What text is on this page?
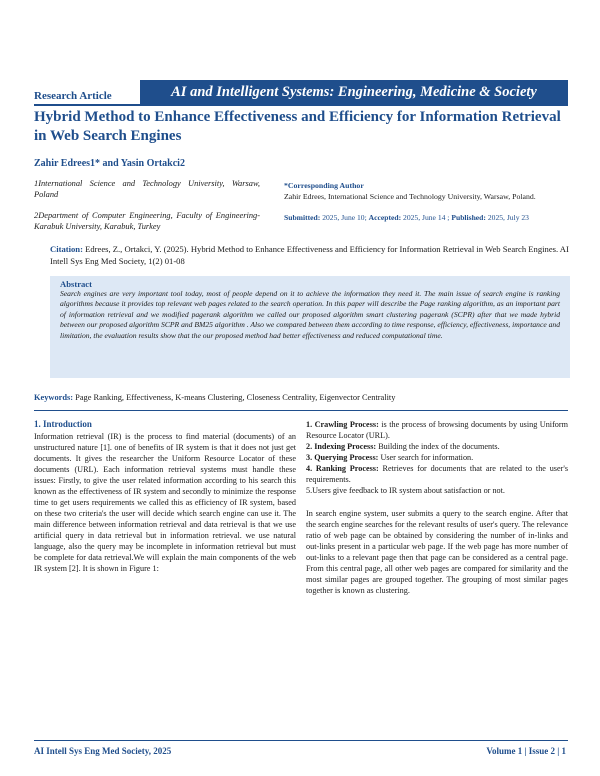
Research Article	AI and Intelligent Systems: Engineering, Medicine & Society
Hybrid Method to Enhance Effectiveness and Efficiency for Information Retrieval in Web Search Engines
Zahir Edrees1* and Yasin Ortakci2
1International Science and Technology University, Warsaw, Poland
2Department of Computer Engineering, Faculty of Engineering- Karabuk University, Karabuk, Turkey
*Corresponding Author
Zahir Edrees, International Science and Technology University, Warsaw, Poland.
Submitted: 2025, June 10; Accepted: 2025, June 14 ; Published: 2025, July 23
Citation: Edrees, Z., Ortakci, Y. (2025). Hybrid Method to Enhance Effectiveness and Efficiency for Information Retrieval in Web Search Engines. AI Intell Sys Eng Med Society, 1(2) 01-08
Abstract
Search engines are very important tool today, most of people depend on it to achieve the information they need it. The main issue of search engine is ranking algorithms because it provides top relevant web pages related to the search operation. In this paper will describe the Page ranking algorithm, as an important part of information retrieval and we modified pagerank algorithm we called our proposed algorithm smart clustering pagerank (SCPR) after that we made hybrid between our proposed algorithm SCPR and BM25 algorithm . Also we compared between them according to time response, efficiency, effectiveness, importance and limitation, the evaluation results show that the our proposed method had better effectiveness and reduced computational time.
Keywords: Page Ranking, Effectiveness, K-means Clustering, Closeness Centrality, Eigenvector Centrality
1. Introduction

Information retrieval (IR) is the process to find material (documents) of an unstructured nature [1]. one of benefits of IR system is that it does not just get documents. It gives the researcher the Uniform Resource Locator of these documents (URL). Each information retrieval systems must handle these issues: Firstly, to give the user related information according to his search this known as the effectiveness of IR system and secondly to minimize the response time to get users requirements we called this as efficiency of IR system, based on these two criteria's the user will decide which search engine can use it. The main difference between information retrieval and data retrieval is that we use artificial query in data retrieval but in information retrieval. we use natural language, also the query may be incomplete in information retrieval but must be complete for data retrieval.We will explain the main components of the web IR system [2]. It is shown in Figure 1:

1. Crawling Process: is the process of browsing documents by using Uniform Resource Locator (URL).

2. Indexing Process: Building the index of the documents.

3. Querying Process: User search for information.

4. Ranking Process: Retrieves for documents that are related to the user's requirements.

5.Users give feedback to IR system about satisfaction or not.

In search engine system, user submits a query to the search engine. After that the search engine searches for the relevant results of user's query. The relevance ratio of web page can be obtained by considering the number of in-links and out-links present in a particular web page. If the web page has more number of out-links to a relevant page then that page can be considered as a central page. From this central page, all other web pages are compared for similarity and the most similar pages are grouped together. The grouping of most similar pages together is known as clustering.

AI Intell Sys Eng Med Society, 2025	Volume 1 | Issue 2 | 1
